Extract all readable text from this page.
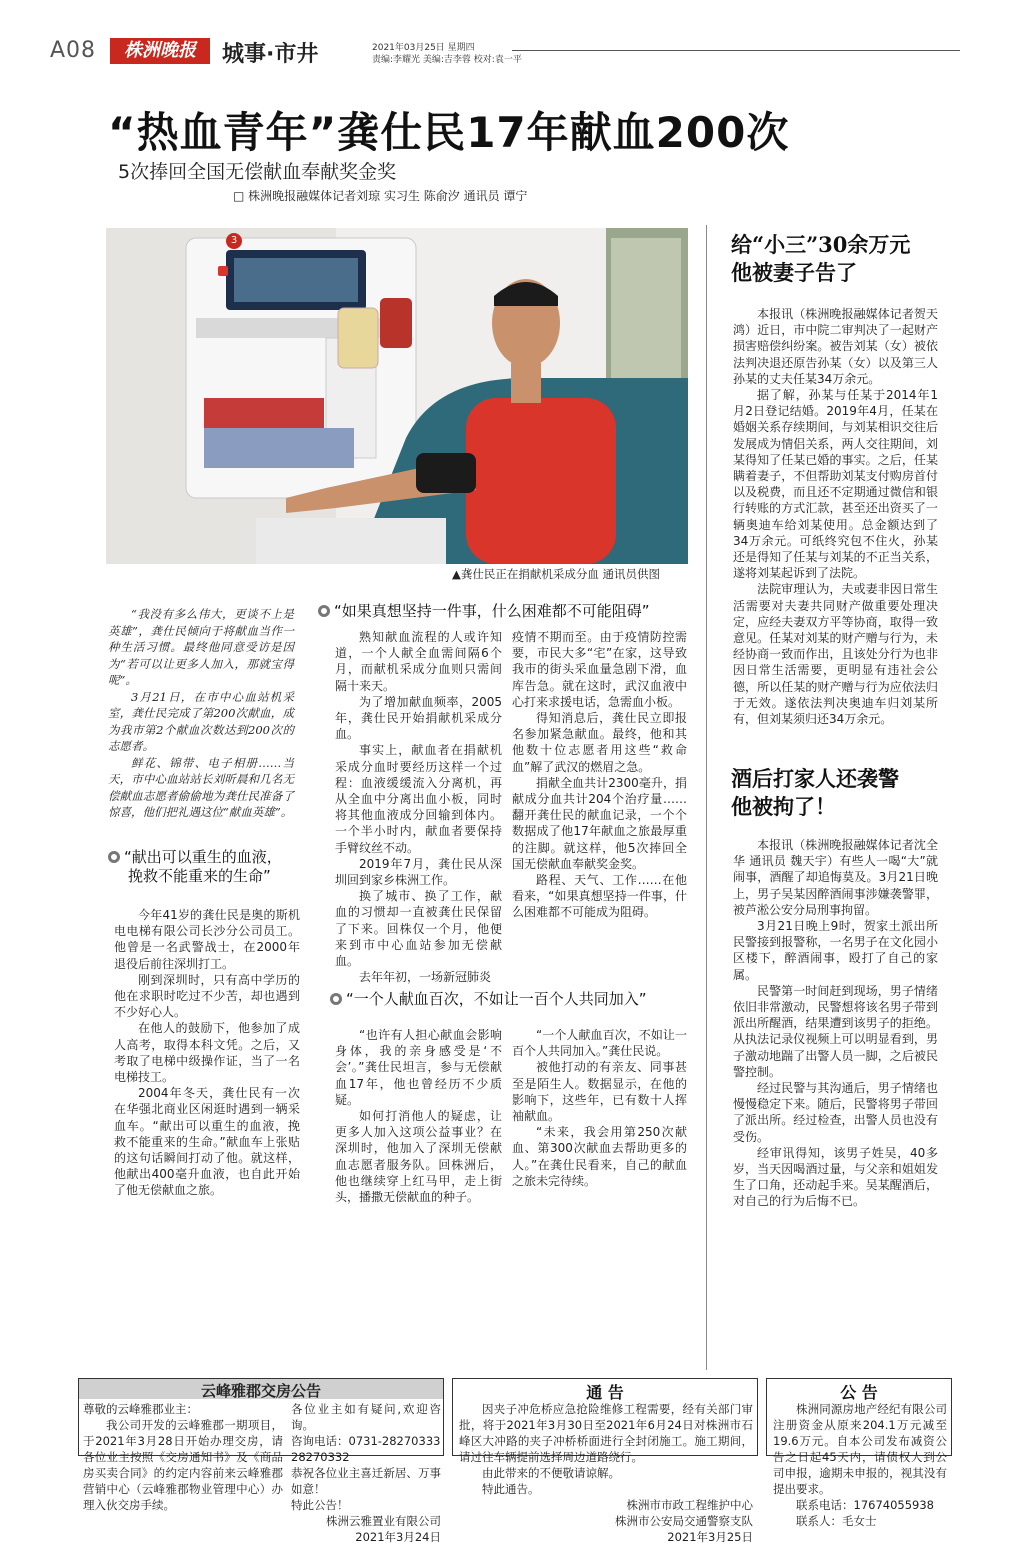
A08	株洲晚报	城事·市井	2021年03月25日 星期四
责编:李耀光 美编:吉李蓉 校对:袁一平
“热血青年”龚仕民17年献血200次
5次捧回全国无偿献血奉献奖金奖
□ 株洲晚报融媒体记者刘琼 实习生 陈俞汐 通讯员 谭宁
3
▲龚仕民正在捐献机采成分血 通讯员供图

“我没有多么伟大，更谈不上是英雄”，龚仕民倾向于将献血当作一种生活习惯。最终他同意受访是因为“若可以让更多人加入，那就宝得呢”。

3月21日，在市中心血站机采室，龚仕民完成了第200次献血，成为我市第2个献血次数达到200次的志愿者。

鲜花、锦带、电子相册……当天，市中心血站站长刘昕晨和几名无偿献血志愿者偷偷地为龚仕民准备了惊喜，他们把礼遇这位“献血英雄”。

“献出可以重生的血液，
挽救不能重来的生命”

今年41岁的龚仕民是奥的斯机电电梯有限公司长沙分公司员工。他曾是一名武警战士，在2000年退役后前往深圳打工。

刚到深圳时，只有高中学历的他在求职时吃过不少苦，却也遇到不少好心人。

在他人的鼓励下，他参加了成人高考，取得本科文凭。之后，又考取了电梯中级操作证，当了一名电梯技工。

2004年冬天，龚仕民有一次在华强北商业区闲逛时遇到一辆采血车。“献出可以重生的血液，挽救不能重来的生命。”献血车上张贴的这句话瞬间打动了他。就这样，他献出400毫升血液，也自此开始了他无偿献血之旅。

“如果真想坚持一件事，什么困难都不可能阻碍”

熟知献血流程的人或许知道，一个人献全血需间隔6个月，而献机采成分血则只需间隔十来天。

为了增加献血频率，2005年，龚仕民开始捐献机采成分血。

事实上，献血者在捐献机采成分血时要经历这样一个过程：血液缓缓流入分离机，再从全血中分离出血小板，同时将其他血液成分回输到体内。一个半小时内，献血者要保持手臂纹丝不动。

2019年7月，龚仕民从深圳回到家乡株洲工作。

换了城市、换了工作，献血的习惯却一直被龚仕民保留了下来。回株仅一个月，他便来到市中心血站参加无偿献血。

去年年初，一场新冠肺炎

疫情不期而至。由于疫情防控需要，市民大多“宅”在家，这导致我市的街头采血量急剧下滑，血库告急。就在这时，武汉血液中心打来求援电话，急需血小板。

得知消息后，龚仕民立即报名参加紧急献血。最终，他和其他数十位志愿者用这些“救命血”解了武汉的燃眉之急。

捐献全血共计2300毫升，捐献成分血共计204个治疗量……翻开龚仕民的献血记录，一个个数据成了他17年献血之旅最厚重的注脚。就这样，他5次捧回全国无偿献血奉献奖金奖。

路程、天气、工作……在他看来，“如果真想坚持一件事，什么困难都不可能成为阻碍。

“一个人献血百次，不如让一百个人共同加入”

“也许有人担心献血会影响身体，我的亲身感受是‘不会’。”龚仕民坦言，参与无偿献血17年，他也曾经历不少质疑。

如何打消他人的疑虑，让更多人加入这项公益事业？在深圳时，他加入了深圳无偿献血志愿者服务队。回株洲后，他也继续穿上红马甲，走上街头，播撒无偿献血的种子。

“一个人献血百次，不如让一百个人共同加入。”龚仕民说。

被他打动的有亲友、同事甚至是陌生人。数据显示，在他的影响下，这些年，已有数十人挥袖献血。

“未来，我会用第250次献血、第300次献血去帮助更多的人。”在龚仕民看来，自己的献血之旅未完待续。

给“小三”30余万元
他被妻子告了

本报讯（株洲晚报融媒体记者贺天鸿）近日，市中院二审判决了一起财产损害赔偿纠纷案。被告刘某（女）被依法判决退还原告孙某（女）以及第三人孙某的丈夫任某34万余元。

据了解，孙某与任某于2014年1月2日登记结婚。2019年4月，任某在婚姻关系存续期间，与刘某相识交往后发展成为情侣关系，两人交往期间，刘某得知了任某已婚的事实。之后，任某瞒着妻子，不但帮助刘某支付购房首付以及税费，而且还不定期通过微信和银行转账的方式汇款，甚至还出资买了一辆奥迪车给刘某使用。总金额达到了34万余元。可纸终究包不住火，孙某还是得知了任某与刘某的不正当关系，遂将刘某起诉到了法院。

法院审理认为，夫或妻非因日常生活需要对夫妻共同财产做重要处理决定，应经夫妻双方平等协商，取得一致意见。任某对刘某的财产赠与行为，未经协商一致而作出，且该处分行为也非因日常生活需要，更明显有违社会公德，所以任某的财产赠与行为应依法归于无效。遂依法判决奥迪车归刘某所有，但刘某须归还34万余元。

酒后打家人还袭警
他被拘了！

本报讯（株洲晚报融媒体记者沈全华 通讯员 魏天宇）有些人一喝“大”就闹事，酒醒了却追悔莫及。3月21日晚上，男子吴某因醉酒闹事涉嫌袭警罪，被芦淞公安分局刑事拘留。

3月21日晚上9时，贺家土派出所民警接到报警称，一名男子在文化园小区楼下，醉酒闹事，殴打了自己的家属。

民警第一时间赶到现场，男子情绪依旧非常激动，民警想将该名男子带到派出所醒酒，结果遭到该男子的拒绝。从执法记录仪视频上可以明显看到，男子激动地踹了出警人员一脚，之后被民警控制。

经过民警与其沟通后，男子情绪也慢慢稳定下来。随后，民警将男子带回了派出所。经过检查，出警人员也没有受伤。

经审讯得知，该男子姓吴，40多岁，当天因喝酒过量，与父亲和姐姐发生了口角，还动起手来。吴某醒酒后，对自己的行为后悔不已。

云峰雅郡交房公告

尊敬的云峰雅郡业主：

我公司开发的云峰雅郡一期项目，于2021年3月28日开始办理交房，请各位业主按照《交房通知书》及《商品房买卖合同》的约定内容前来云峰雅郡营销中心（云峰雅郡物业管理中心）办理入伙交房手续。

各位业主如有疑问,欢迎咨询。

咨询电话：0731-28270333

28270332

恭祝各位业主喜迁新居、万事如意！

特此公告！

株洲云雅置业有限公司

2021年3月24日

通 告

因夹子冲危桥应急抢险维修工程需要，经有关部门审批，将于2021年3月30日至2021年6月24日对株洲市石峰区大冲路的夹子冲桥桥面进行全封闭施工。施工期间，请过往车辆提前选择周边道路绕行。

由此带来的不便敬请谅解。

特此通告。

株洲市市政工程维护中心

株洲市公安局交通警察支队

2021年3月25日

公 告

株洲同源房地产经纪有限公司注册资金从原来204.1万元减至19.6万元。自本公司发布减资公告之日起45天内，请债权人到公司申报，逾期未申报的，视其没有提出要求。

联系电话：17674055938

联系人：毛女士
